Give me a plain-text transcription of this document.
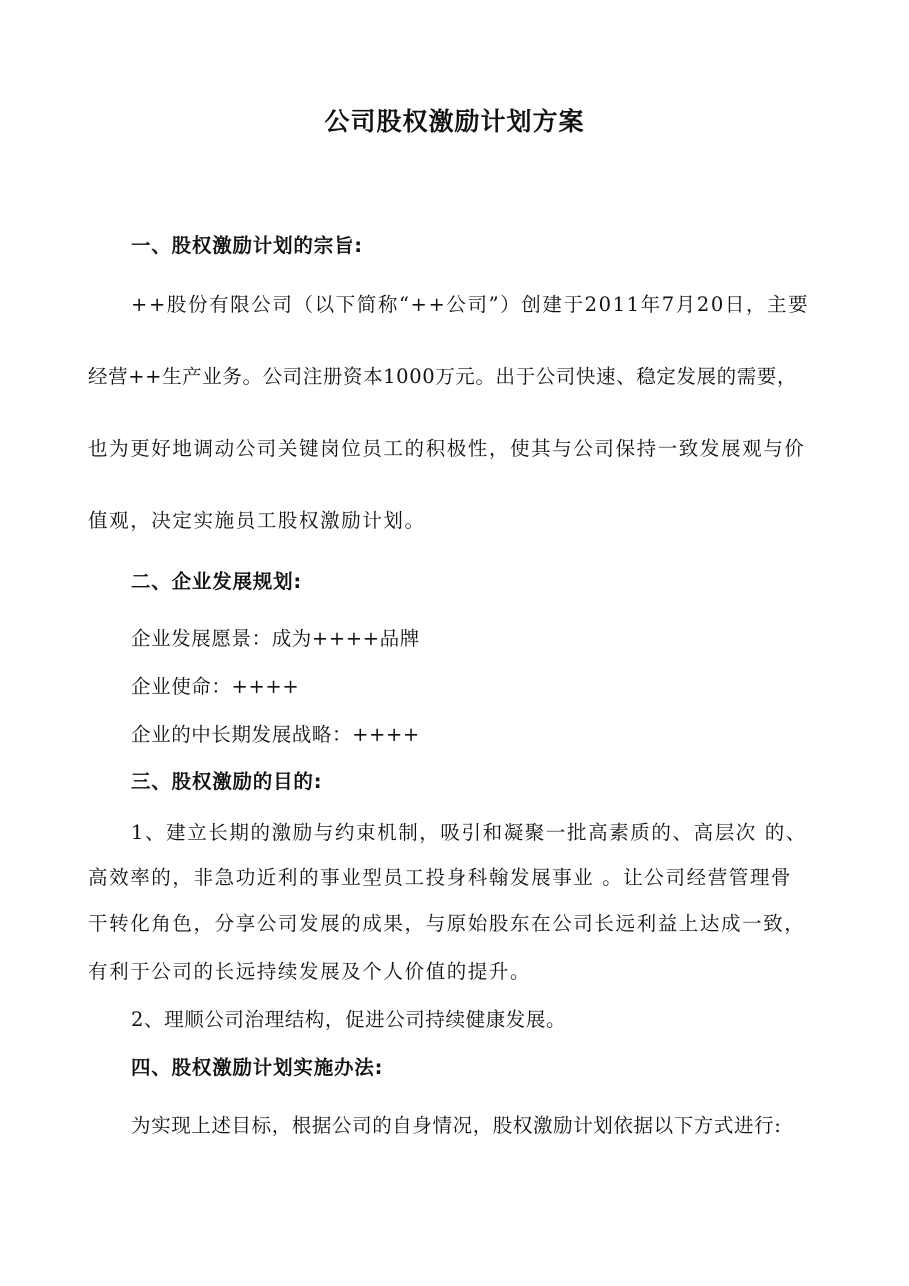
公司股权激励计划方案
一、股权激励计划的宗旨:
++股份有限公司（以下简称“++公司”）创建于2011年7月20日，主要
经营++生产业务。公司注册资本1000万元。出于公司快速、稳定发展的需要，
也为更好地调动公司关键岗位员工的积极性，使其与公司保持一致发展观与价
值观，决定实施员工股权激励计划。
二、企业发展规划:
企业发展愿景：成为++++品牌
企业使命：++++
企业的中长期发展战略：++++
三、股权激励的目的:
1、建立长期的激励与约束机制，吸引和凝聚一批高素质的、高层次 的、
高效率的，非急功近利的事业型员工投身科翰发展事业 。让公司经营管理骨
干转化角色，分享公司发展的成果，与原始股东在公司长远利益上达成一致，
有利于公司的长远持续发展及个人价值的提升。
2、理顺公司治理结构，促进公司持续健康发展。
四、股权激励计划实施办法:
为实现上述目标，根据公司的自身情况，股权激励计划依据以下方式进行:
